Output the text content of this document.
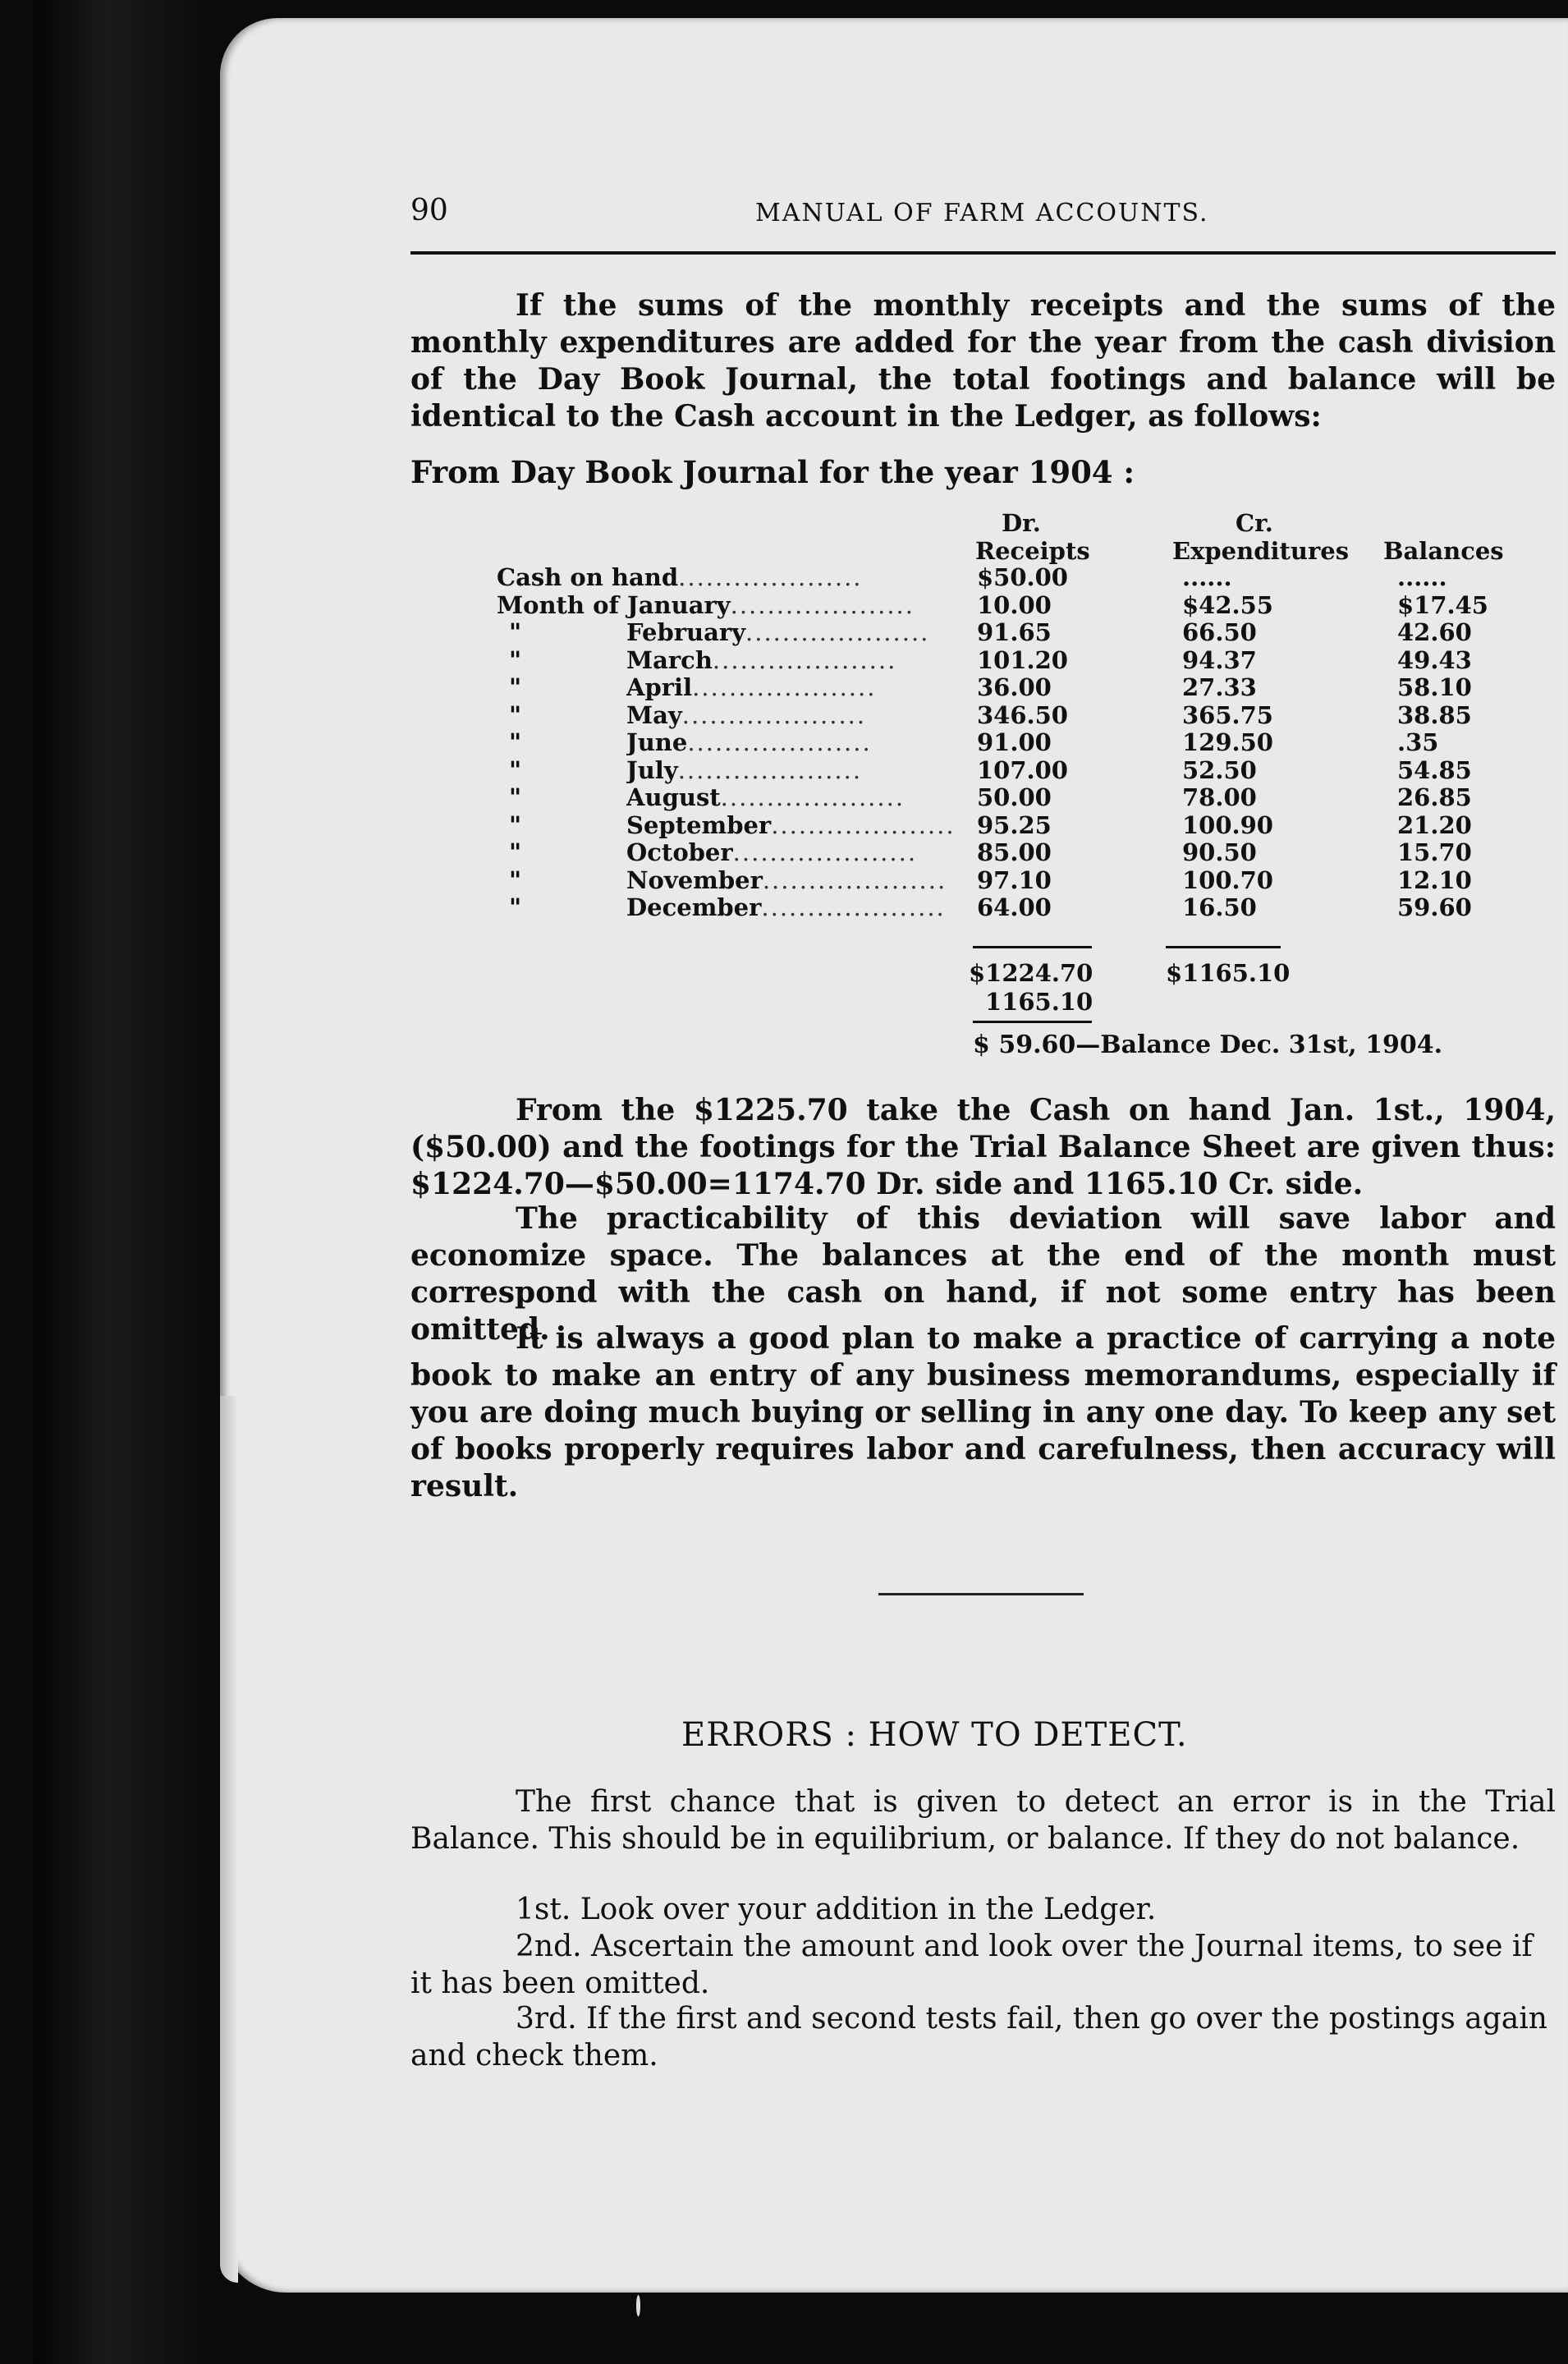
90	MANUAL OF FARM ACCOUNTS.
If the sums of the monthly receipts and the sums of the monthly expenditures are added for the year from the cash division of the Day Book Journal, the total footings and balance will be identical to the Cash account in the Ledger, as follows:
From Day Book Journal for the year 1904 :
Dr.
Receipts
Cr.
Expenditures Balances
Cash on hand....................	$50.00	......	......
Month of January....................	10.00	$42.55	$17.45
"	February....................	91.65	66.50	42.60
"	March....................	101.20	94.37	49.43
"	April....................	36.00	27.33	58.10
"	May....................	346.50	365.75	38.85
"	June....................	91.00	129.50	.35
"	July....................	107.00	52.50	54.85
"	August....................	50.00	78.00	26.85
"	September.................... 95.25	100.90	21.20
"	October....................	85.00	90.50	15.70
"	November....................	97.10	100.70	12.10
"	December....................	64.00	16.50	59.60
$1224.70	$1165.10
1165.10
$ 59.60—Balance Dec. 31st, 1904.
From the $1225.70 take the Cash on hand Jan. 1st., 1904, ($50.00) and the footings for the Trial Balance Sheet are given thus: $1224.70—$50.00=1174.70 Dr. side and 1165.10 Cr. side.
The practicability of this deviation will save labor and economize space. The balances at the end of the month must correspond with the cash on hand, if not some entry has been omitted.
It is always a good plan to make a practice of carrying a note book to make an entry of any business memorandums, especially if you are doing much buying or selling in any one day. To keep any set of books properly requires labor and carefulness, then accuracy will result.
ERRORS : HOW TO DETECT.
The first chance that is given to detect an error is in the Trial Balance. This should be in equilibrium, or balance. If they do not balance.
1st. Look over your addition in the Ledger.
2nd. Ascertain the amount and look over the Journal items, to see if it has been omitted.
3rd. If the first and second tests fail, then go over the postings again and check them.
